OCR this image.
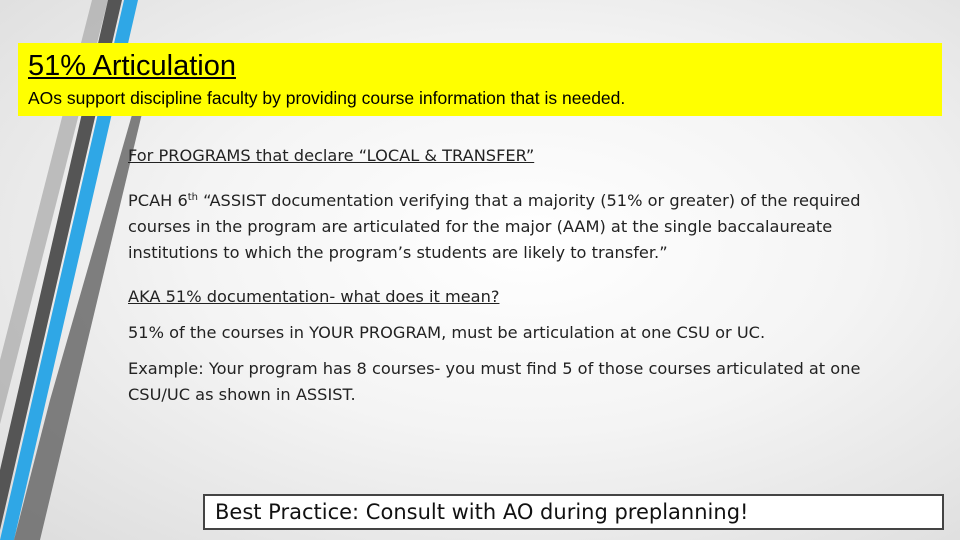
51% Articulation

AOs support discipline faculty by providing course information that is needed.

For PROGRAMS that declare “LOCAL & TRANSFER”

PCAH 6th “ASSIST documentation verifying that a majority (51% or greater) of the required courses in the program are articulated for the major (AAM) at the single baccalaureate institutions to which the program’s students are likely to transfer.”

AKA 51% documentation- what does it mean?

51% of the courses in YOUR PROGRAM, must be articulation at one CSU or UC.

Example: Your program has 8 courses- you must find 5 of those courses articulated at one CSU/UC as shown in ASSIST.

Best Practice: Consult with AO during preplanning!
